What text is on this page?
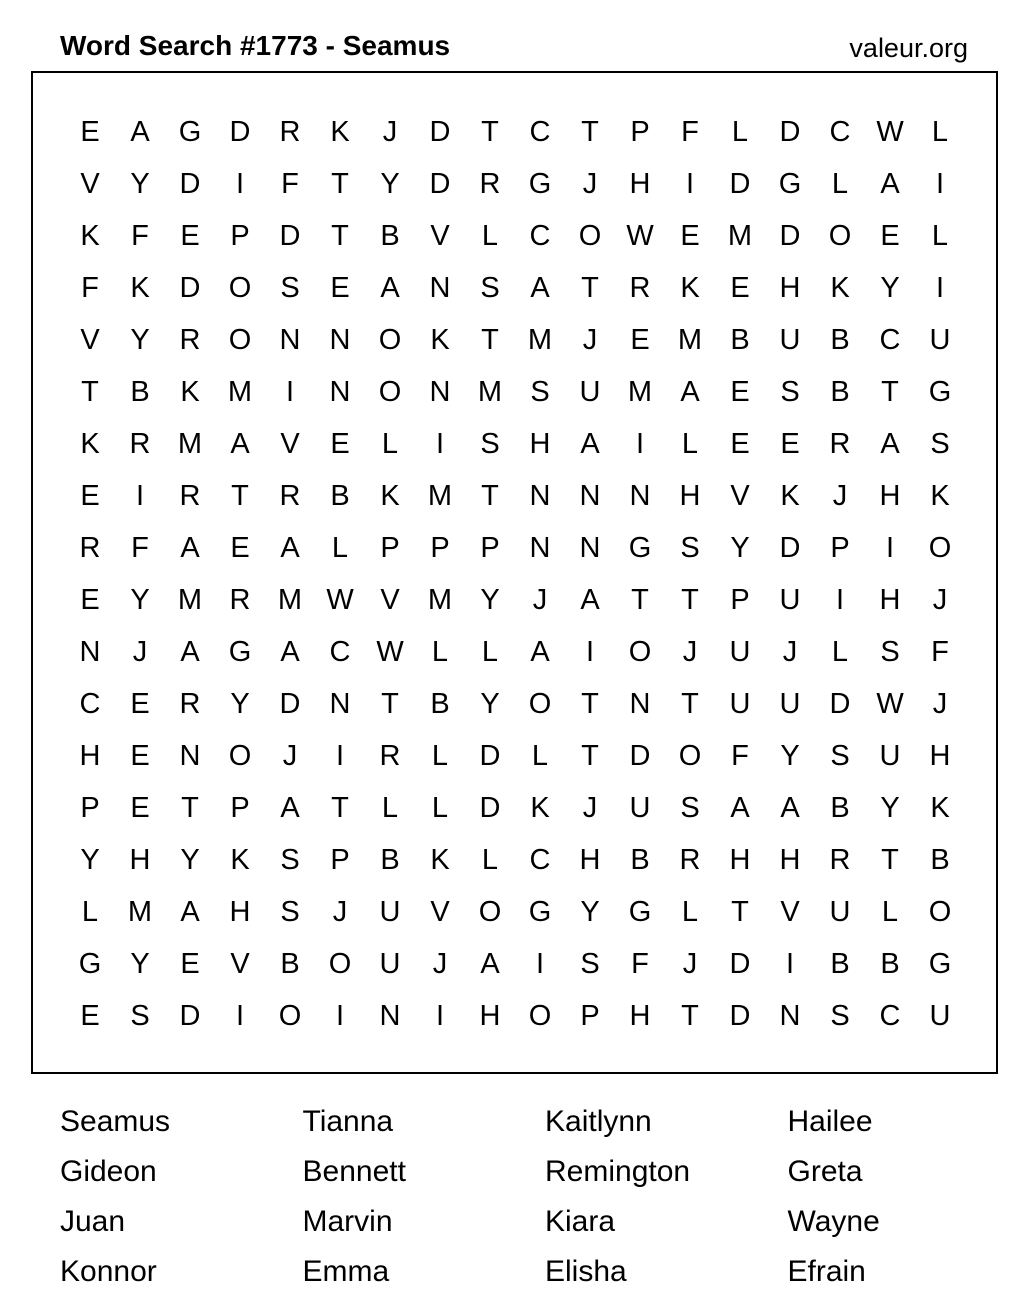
Word Search #1773 - Seamus	valeur.org
E	A	G D	R	K	J	D	T	C	T	P	F	L	D	C W L
V	Y	D	I	F	T	Y	D	R G	J	H	I	D G	L	A	I
K	F	E	P	D	T	B	V	L	C O W E M D O	E	L
F	K	D O	S	E	A	N	S	A	T	R	K	E	H	K	Y	I
V	Y	R O N	N O	K	T	M	J	E M B	U	B	C	U
T	B	K M	I	N O N M S	U M A	E	S	B	T	G
K	R M A	V	E	L	I	S	H	A	I	L	E	E	R	A	S
E	I	R	T	R	B	K M	T	N	N	N	H	V	K	J	H	K
R	F	A	E	A	L	P	P	P	N	N G	S	Y	D	P	I	O
E	Y M R M W V M Y	J	A	T	T	P	U	I	H	J
N	J	A	G	A	C W L	L	A	I	O	J	U	J	L	S	F
C	E	R	Y	D	N	T	B	Y	O	T	N	T	U	U	D W	J
H	E	N O	J	I	R	L	D	L	T	D O	F	Y	S	U	H
P	E	T	P	A	T	L	L	D	K	J	U	S	A	A	B	Y	K
Y	H	Y	K	S	P	B	K	L	C	H	B	R	H	H	R	T	B
L	M A	H	S	J	U	V	O G	Y	G	L	T	V	U	L	O
G	Y	E	V	B	O U	J	A	I	S	F	J	D	I	B	B	G
E	S	D	I	O	I	N	I	H O	P	H	T	D	N	S	C	U
Seamus	Tianna	Kaitlynn	Hailee
Gideon	Bennett	Remington	Greta
Juan	Marvin	Kiara	Wayne
Konnor	Emma	Elisha	Efrain
